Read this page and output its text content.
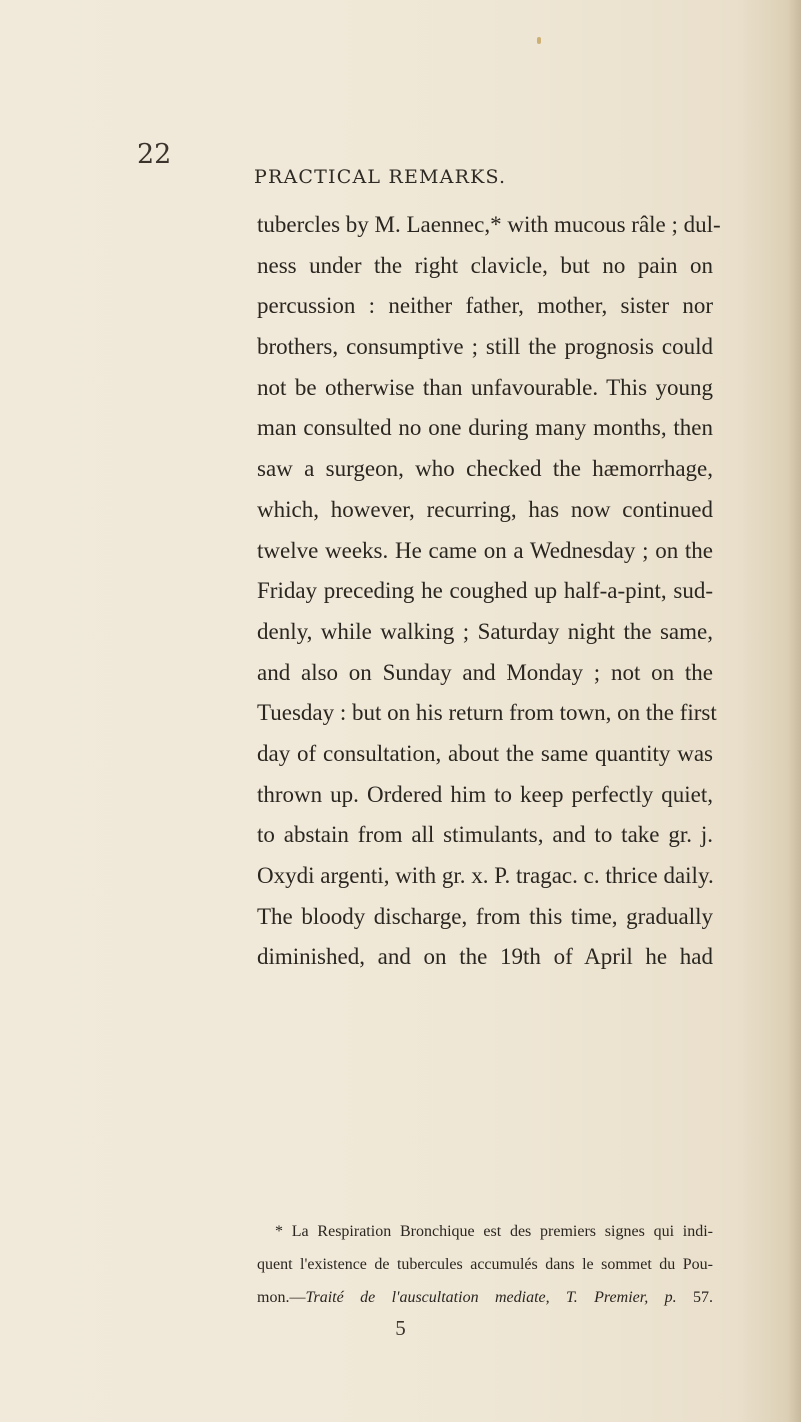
22
PRACTICAL REMARKS.
tubercles by M. Laennec,* with mucous râle ; dul-
ness under the right clavicle, but no pain on
percussion : neither father, mother, sister nor
brothers, consumptive ; still the prognosis could
not be otherwise than unfavourable. This young
man consulted no one during many months, then
saw a surgeon, who checked the hæmorrhage,
which, however, recurring, has now continued
twelve weeks. He came on a Wednesday ; on the
Friday preceding he coughed up half-a-pint, sud-
denly, while walking ; Saturday night the same,
and also on Sunday and Monday ; not on the
Tuesday : but on his return from town, on the first
day of consultation, about the same quantity was
thrown up. Ordered him to keep perfectly quiet,
to abstain from all stimulants, and to take gr. j.
Oxydi argenti, with gr. x. P. tragac. c. thrice daily.
The bloody discharge, from this time, gradually
diminished, and on the 19th of April he had
* La Respiration Bronchique est des premiers signes qui indi-
quent l'existence de tubercules accumulés dans le sommet du Pou-
mon.—Traité de l'auscultation mediate, T. Premier, p. 57.
5
